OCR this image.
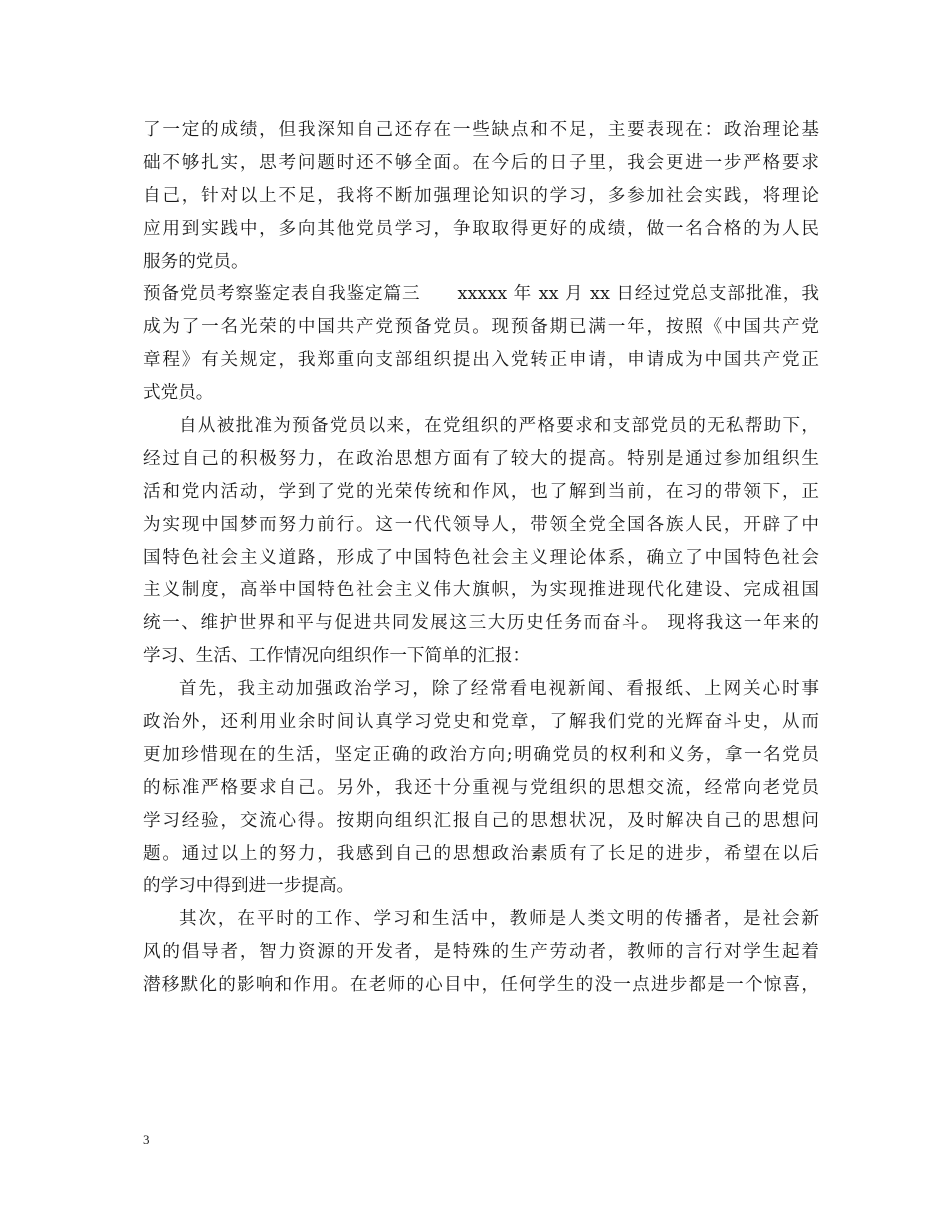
了一定的成绩，但我深知自己还存在一些缺点和不足，主要表现在：政治理论基
础不够扎实，思考问题时还不够全面。在今后的日子里，我会更进一步严格要求
自己，针对以上不足，我将不断加强理论知识的学习，多参加社会实践，将理论
应用到实践中，多向其他党员学习，争取取得更好的成绩，做一名合格的为人民
服务的党员。
预备党员考察鉴定表自我鉴定篇三　　xxxxx 年 xx 月 xx 日经过党总支部批准，我
成为了一名光荣的中国共产党预备党员。现预备期已满一年，按照《中国共产党
章程》有关规定，我郑重向支部组织提出入党转正申请，申请成为中国共产党正
式党员。
自从被批准为预备党员以来，在党组织的严格要求和支部党员的无私帮助下，
经过自己的积极努力，在政治思想方面有了较大的提高。特别是通过参加组织生
活和党内活动，学到了党的光荣传统和作风，也了解到当前，在习的带领下，正
为实现中国梦而努力前行。这一代代领导人，带领全党全国各族人民，开辟了中
国特色社会主义道路，形成了中国特色社会主义理论体系，确立了中国特色社会
主义制度，高举中国特色社会主义伟大旗帜，为实现推进现代化建设、完成祖国
统一、维护世界和平与促进共同发展这三大历史任务而奋斗。 现将我这一年来的
学习、生活、工作情况向组织作一下简单的汇报：
首先，我主动加强政治学习，除了经常看电视新闻、看报纸、上网关心时事
政治外，还利用业余时间认真学习党史和党章，了解我们党的光辉奋斗史，从而
更加珍惜现在的生活，坚定正确的政治方向;明确党员的权利和义务，拿一名党员
的标准严格要求自己。另外，我还十分重视与党组织的思想交流，经常向老党员
学习经验，交流心得。按期向组织汇报自己的思想状况，及时解决自己的思想问
题。通过以上的努力，我感到自己的思想政治素质有了长足的进步，希望在以后
的学习中得到进一步提高。
其次，在平时的工作、学习和生活中，教师是人类文明的传播者，是社会新
风的倡导者，智力资源的开发者，是特殊的生产劳动者，教师的言行对学生起着
潜移默化的影响和作用。在老师的心目中，任何学生的没一点进步都是一个惊喜，
3
